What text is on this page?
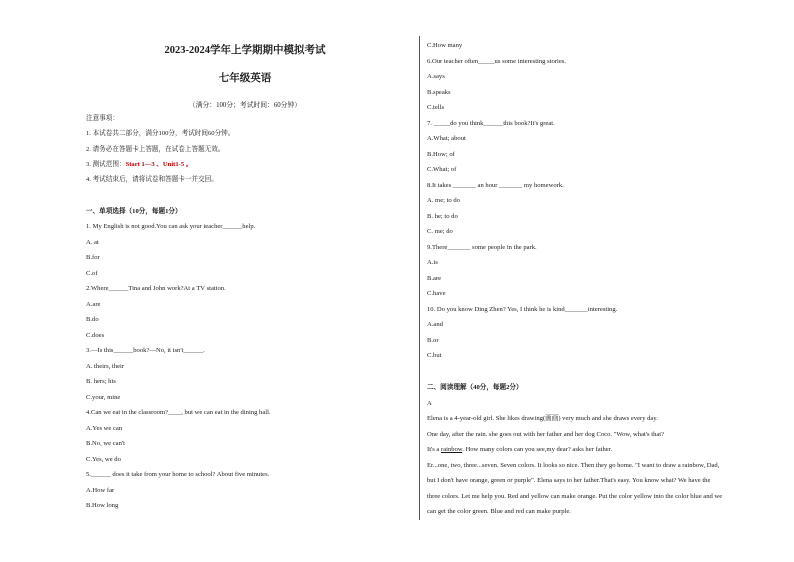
2023-2024学年上学期期中模拟考试
七年级英语
（满分：100分；考试时间：60分钟）
注意事项：
1. 本试卷共二部分，满分100分，考试时间60分钟。
2. 请务必在答题卡上答题，在试卷上答题无效。
3. 测试范围：Start 1—3 、Unit1-5 。
4. 考试结束后，请将试卷和答题卡一并交回。
一、单项选择（10分，每题1分）
1. My English is not good.You can ask your teacher______help.
A. at
B.for
C.of
2.Where______Tina and John work?At a TV station.
A.are
B.do
C.does
3.—Is this______book?—No, it isn't______.
A. theirs, their
B. hers; his
C.your, mine
4.Can we eat in the classroom?____, but we can eat in the dining hall.
A.Yes we can
B.No, we can't
C.Yes, we do
5.______ does it take from your home to school? About five minutes.
A.How far
B.How long
C.How many
6.Our teacher often_____us some interesting stories.
A.says
B.speaks
C.tells
7. _____do you think______this book?It's great.
A.What; about
B.How; of
C.What; of
8.It takes _______ an hour _______ my homework.
A. me; to do
B. he; to do
C. me; do
9.There_______ some people in the park.
A.is
B.are
C.have
10. Do you know Ding Zhen? Yes, I think he is kind_______interesting.
A.and
B.or
C.but
二、阅读理解（40分，每题2分）
A
Elena is a 4-year-old girl. She likes drawing(画画) very much and she draws every day.
One day, after the rain. she goes out with her father and her dog Coco. "Wow, what's that?
It's a rainbow. How many colors can you see,my dear? asks her father.
Er...one, two, three...seven. Seven colors. It looks so nice. Then they go home. "I want to draw a rainbow, Dad,
but I don't have orange, green or purple". Elena says to her father.That's easy. You know what? We have the
three colors. Let me help you. Red and yellow can make orange. Put the color yellow into the color blue and we
can get the color green. Blue and red can make purple.
